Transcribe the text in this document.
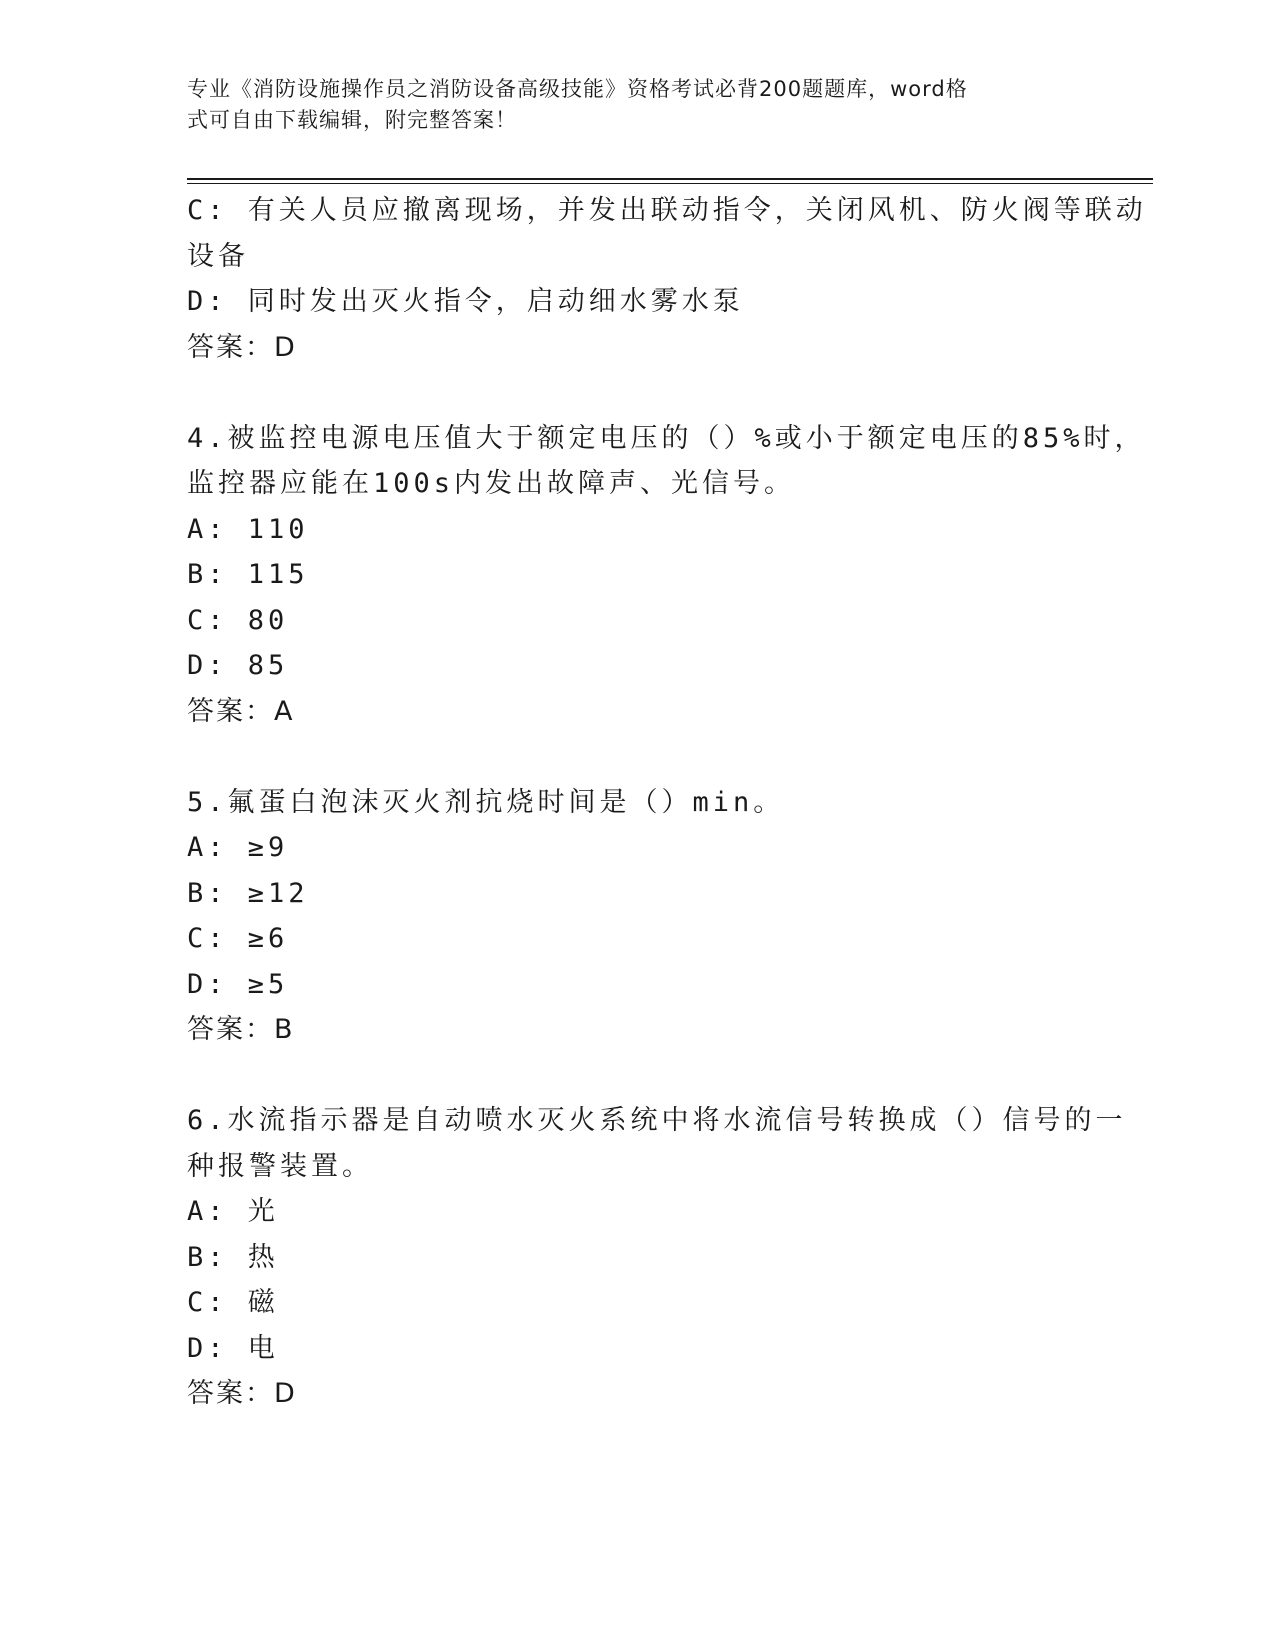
专业《消防设施操作员之消防设备高级技能》资格考试必背200题题库，word格
式可自由下载编辑，附完整答案！
C: 有关人员应撤离现场，并发出联动指令，关闭风机、防火阀等联动
设备
D: 同时发出灭火指令，启动细水雾水泵
答案：D
4.被监控电源电压值大于额定电压的（）%或小于额定电压的85%时，
监控器应能在100s内发出故障声、光信号。
A: 110
B: 115
C: 80
D: 85
答案：A
5.氟蛋白泡沫灭火剂抗烧时间是（）min。
A: ≥9
B: ≥12
C: ≥6
D: ≥5
答案：B
6.水流指示器是自动喷水灭火系统中将水流信号转换成（）信号的一
种报警装置。
A: 光
B: 热
C: 磁
D: 电
答案：D
